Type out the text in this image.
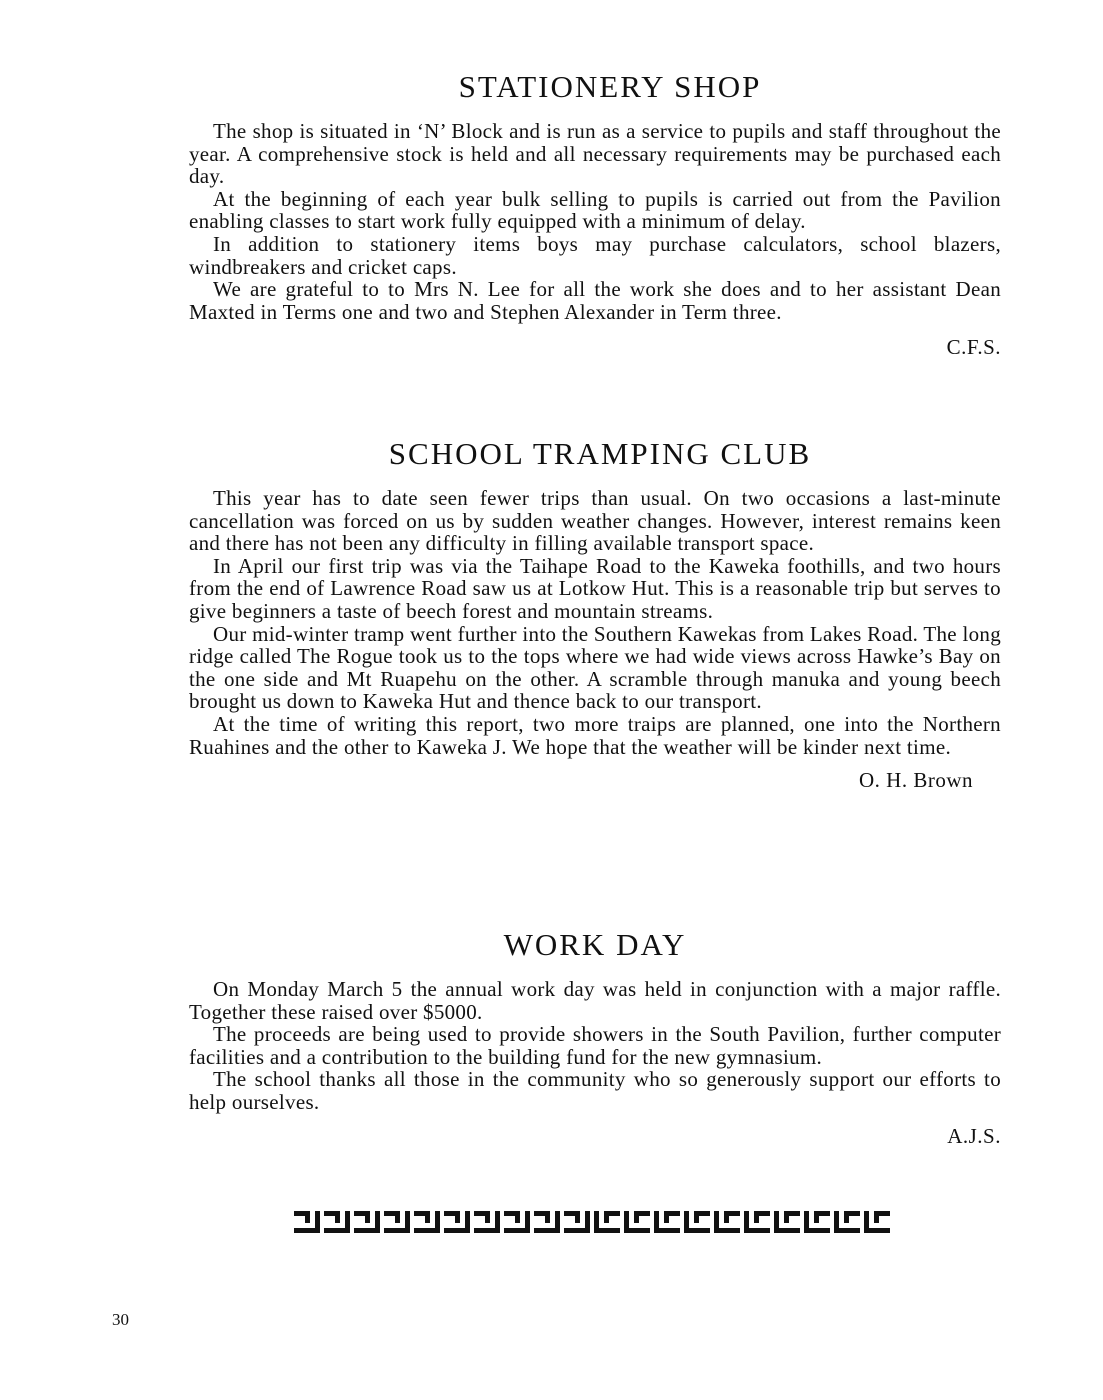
STATIONERY SHOP

The shop is situated in ‘N’ Block and is run as a service to pupils and staff throughout the year. A comprehensive stock is held and all necessary requirements may be purchased each day.

At the beginning of each year bulk selling to pupils is carried out from the Pavilion enabling classes to start work fully equipped with a minimum of delay.

In addition to stationery items boys may purchase calculators, school blazers, windbreakers and cricket caps.

We are grateful to to Mrs N. Lee for all the work she does and to her assistant Dean Maxted in Terms one and two and Stephen Alexander in Term three.

C.F.S.
SCHOOL TRAMPING CLUB

This year has to date seen fewer trips than usual. On two occasions a last-minute cancellation was forced on us by sudden weather changes. However, interest remains keen and there has not been any difficulty in filling available transport space.

In April our first trip was via the Taihape Road to the Kaweka foothills, and two hours from the end of Lawrence Road saw us at Lotkow Hut. This is a reasonable trip but serves to give beginners a taste of beech forest and mountain streams.

Our mid-winter tramp went further into the Southern Kawekas from Lakes Road. The long ridge called The Rogue took us to the tops where we had wide views across Hawke’s Bay on the one side and Mt Ruapehu on the other. A scramble through manuka and young beech brought us down to Kaweka Hut and thence back to our transport.

At the time of writing this report, two more traips are planned, one into the Northern Ruahines and the other to Kaweka J. We hope that the weather will be kinder next time.

O. H. Brown
WORK DAY

On Monday March 5 the annual work day was held in conjunction with a major raffle. Together these raised over $5000.

The proceeds are being used to provide showers in the South Pavilion, further computer facilities and a contribution to the building fund for the new gymnasium.

The school thanks all those in the community who so generously support our efforts to help ourselves.

A.J.S.
30
